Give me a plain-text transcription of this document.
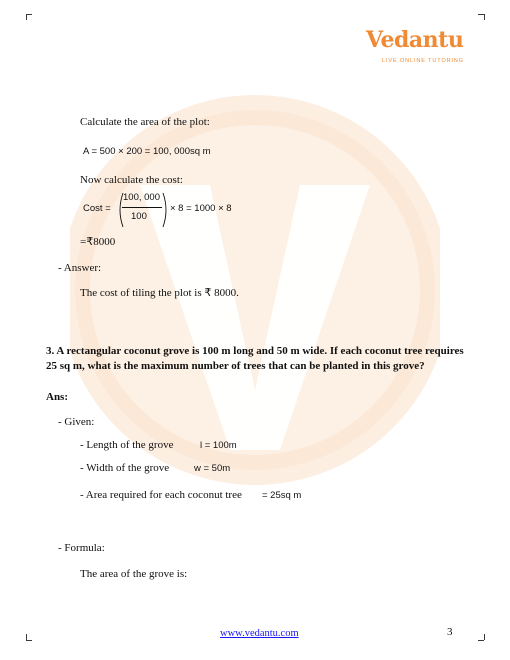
Vedantu
LIVE ONLINE TUTORING
Calculate the area of the plot:
A = 500 × 200 = 100, 000sq m
Now calculate the cost:
Cost =
100, 000
100
× 8 = 1000 × 8
=₹8000
- Answer:
The cost of tiling the plot is ₹ 8000.
3. A rectangular coconut grove is 100 m long and 50 m wide. If each coconut tree requires 25 sq m, what is the maximum number of trees that can be planted in this grove?
Ans:
- Given:
- Length of the grove	l = 100m
- Width of the grove	w = 50m
- Area required for each coconut tree = 25sq m
- Formula:
The area of the grove is:
www.vedantu.com	3
